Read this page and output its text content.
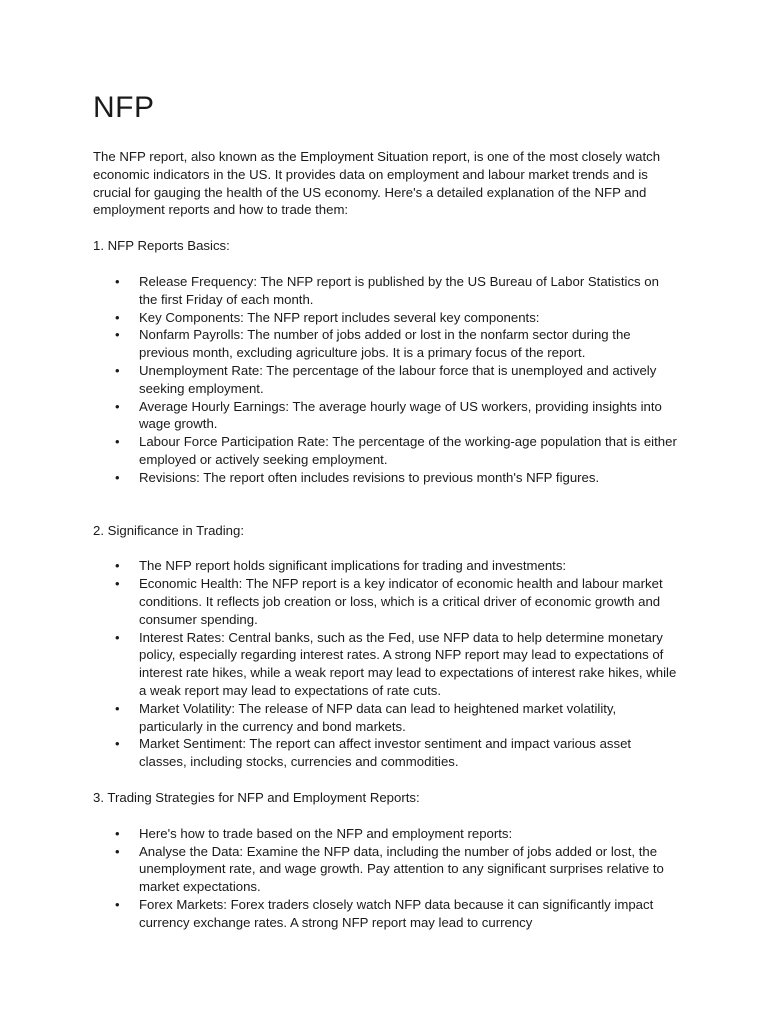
NFP

The NFP report, also known as the Employment Situation report, is one of the most closely watch economic indicators in the US. It provides data on employment and labour market trends and is crucial for gauging the health of the US economy. Here's a detailed explanation of the NFP and employment reports and how to trade them:

1. NFP Reports Basics:

• Release Frequency: The NFP report is published by the US Bureau of Labor Statistics on the first Friday of each month.
• Key Components: The NFP report includes several key components:
• Nonfarm Payrolls: The number of jobs added or lost in the nonfarm sector during the previous month, excluding agriculture jobs. It is a primary focus of the report.
• Unemployment Rate: The percentage of the labour force that is unemployed and actively seeking employment.
• Average Hourly Earnings: The average hourly wage of US workers, providing insights into wage growth.
• Labour Force Participation Rate: The percentage of the working-age population that is either employed or actively seeking employment.
• Revisions: The report often includes revisions to previous month's NFP figures.

2. Significance in Trading:

• The NFP report holds significant implications for trading and investments:
• Economic Health: The NFP report is a key indicator of economic health and labour market conditions. It reflects job creation or loss, which is a critical driver of economic growth and consumer spending.
• Interest Rates: Central banks, such as the Fed, use NFP data to help determine monetary policy, especially regarding interest rates. A strong NFP report may lead to expectations of interest rate hikes, while a weak report may lead to expectations of interest rake hikes, while a weak report may lead to expectations of rate cuts.
• Market Volatility: The release of NFP data can lead to heightened market volatility, particularly in the currency and bond markets.
• Market Sentiment: The report can affect investor sentiment and impact various asset classes, including stocks, currencies and commodities.

3. Trading Strategies for NFP and Employment Reports:

• Here's how to trade based on the NFP and employment reports:
• Analyse the Data: Examine the NFP data, including the number of jobs added or lost, the unemployment rate, and wage growth. Pay attention to any significant surprises relative to market expectations.
• Forex Markets: Forex traders closely watch NFP data because it can significantly impact currency exchange rates. A strong NFP report may lead to currency
